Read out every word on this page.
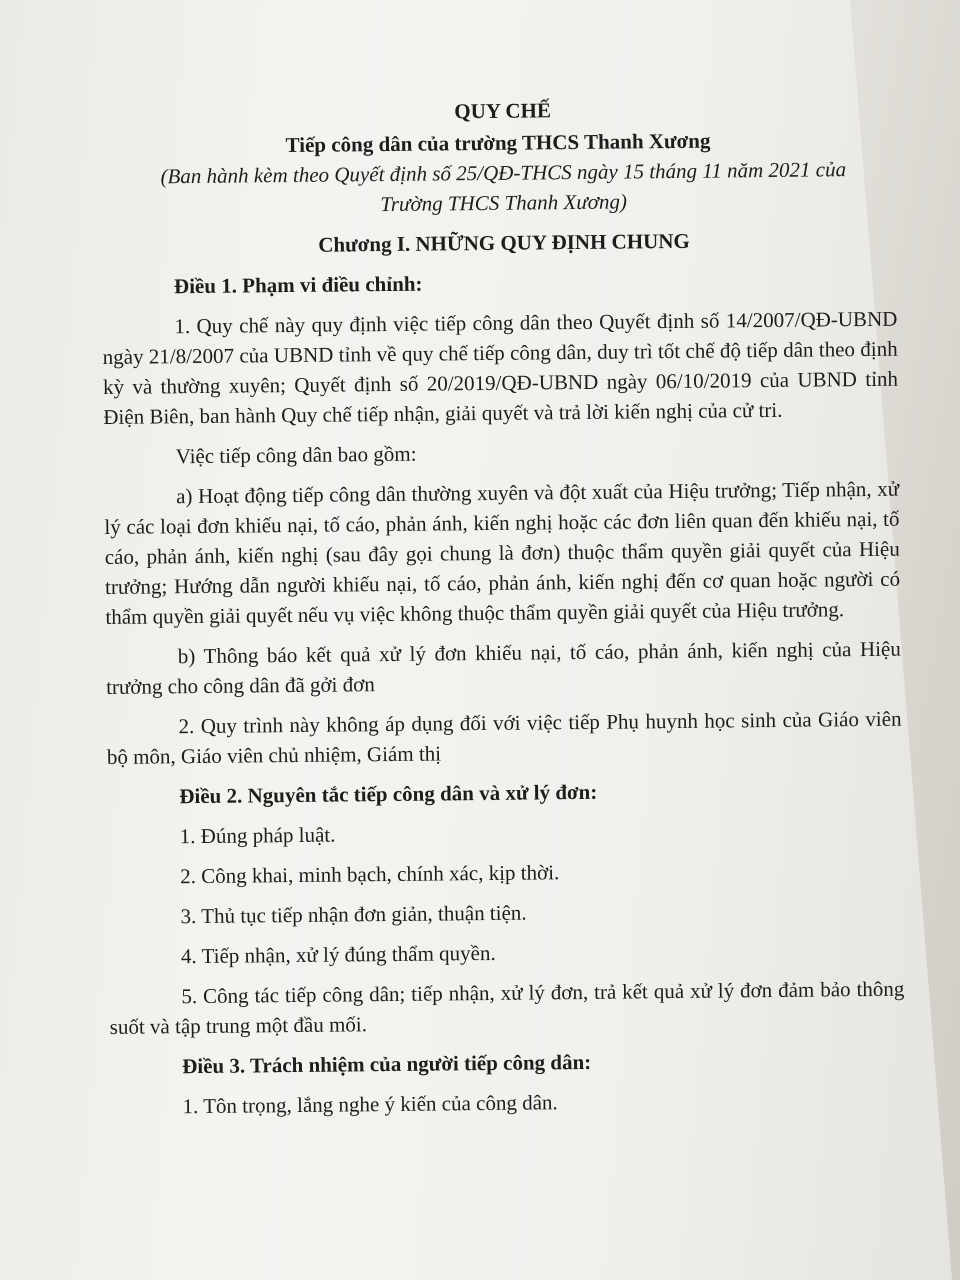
QUY CHẾ
Tiếp công dân của trường THCS Thanh Xương
(Ban hành kèm theo Quyết định số 25/QĐ-THCS ngày 15 tháng 11 năm 2021 của Trường THCS Thanh Xương)
Chương I. NHỮNG QUY ĐỊNH CHUNG
Điều 1. Phạm vi điều chỉnh:

1. Quy chế này quy định việc tiếp công dân theo Quyết định số 14/2007/QĐ-UBND ngày 21/8/2007 của UBND tỉnh về quy chế tiếp công dân, duy trì tốt chế độ tiếp dân theo định kỳ và thường xuyên; Quyết định số 20/2019/QĐ-UBND ngày 06/10/2019 của UBND tỉnh Điện Biên, ban hành Quy chế tiếp nhận, giải quyết và trả lời kiến nghị của cử tri.

Việc tiếp công dân bao gồm:

a) Hoạt động tiếp công dân thường xuyên và đột xuất của Hiệu trưởng; Tiếp nhận, xử lý các loại đơn khiếu nại, tố cáo, phản ánh, kiến nghị hoặc các đơn liên quan đến khiếu nại, tố cáo, phản ánh, kiến nghị (sau đây gọi chung là đơn) thuộc thẩm quyền giải quyết của Hiệu trưởng; Hướng dẫn người khiếu nại, tố cáo, phản ánh, kiến nghị đến cơ quan hoặc người có thẩm quyền giải quyết nếu vụ việc không thuộc thẩm quyền giải quyết của Hiệu trưởng.

b) Thông báo kết quả xử lý đơn khiếu nại, tố cáo, phản ánh, kiến nghị của Hiệu trưởng cho công dân đã gởi đơn

2. Quy trình này không áp dụng đối với việc tiếp Phụ huynh học sinh của Giáo viên bộ môn, Giáo viên chủ nhiệm, Giám thị

Điều 2. Nguyên tắc tiếp công dân và xử lý đơn:

1. Đúng pháp luật.

2. Công khai, minh bạch, chính xác, kịp thời.

3. Thủ tục tiếp nhận đơn giản, thuận tiện.

4. Tiếp nhận, xử lý đúng thẩm quyền.

5. Công tác tiếp công dân; tiếp nhận, xử lý đơn, trả kết quả xử lý đơn đảm bảo thông suốt và tập trung một đầu mối.

Điều 3. Trách nhiệm của người tiếp công dân:

1. Tôn trọng, lắng nghe ý kiến của công dân.
